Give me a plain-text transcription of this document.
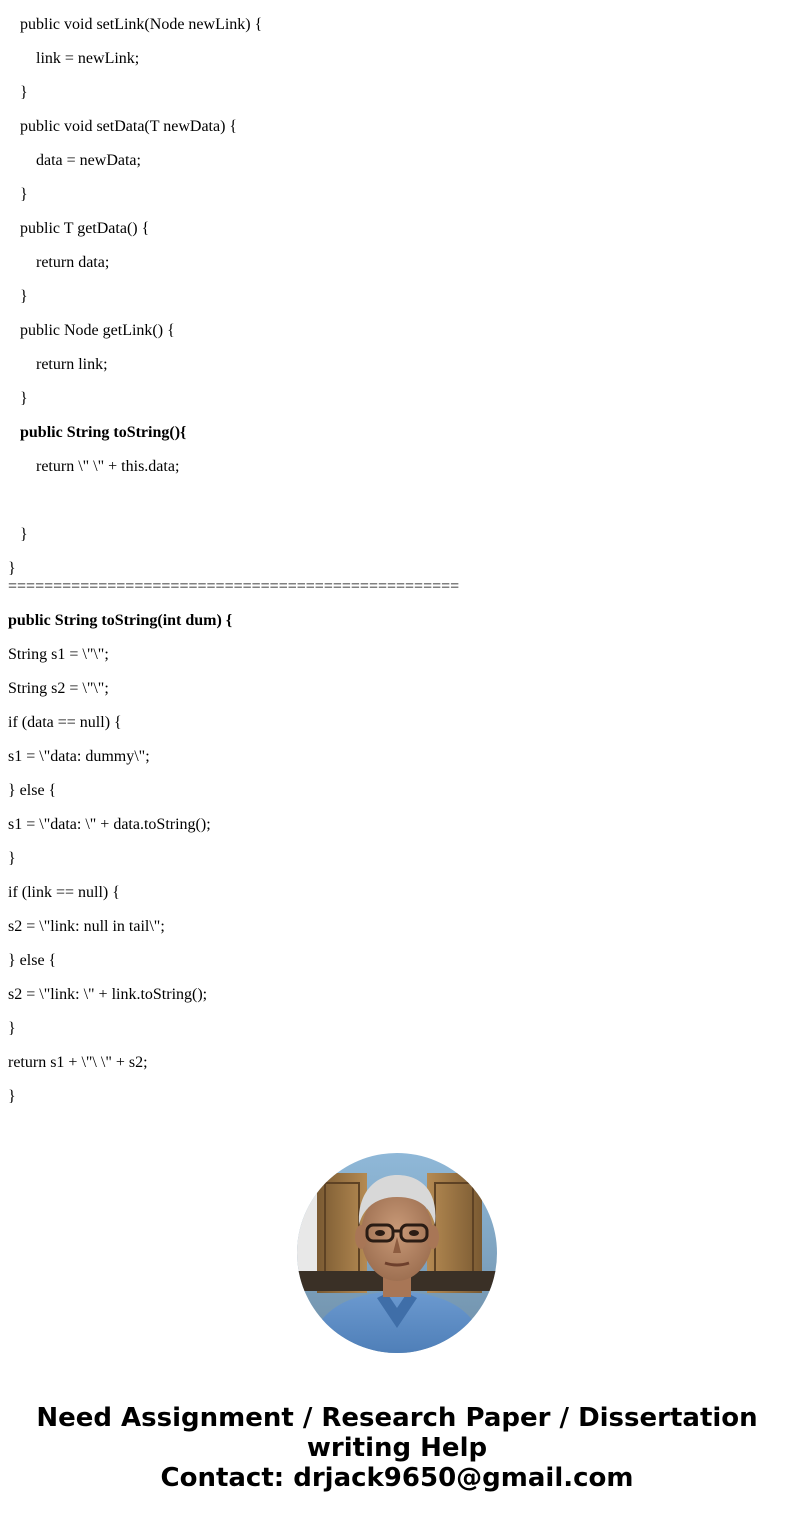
public void setLink(Node newLink) {
link = newLink;
}
public void setData(T newData) {
data = newData;
}
public T getData() {
return data;
}
public Node getLink() {
return link;
}
public String toString(){
return \" \" + this.data;
}
}
==================================================
public String toString(int dum) {
String s1 = \"\";
String s2 = \"\";
if (data == null) {
s1 = \"data: dummy\";
} else {
s1 = \"data: \" + data.toString();
}
if (link == null) {
s2 = \"link: null in tail\";
} else {
s2 = \"link: \" + link.toString();
}
return s1 + \"\ \" + s2;
}
Need Assignment / Research Paper / Dissertation
writing Help
Contact: drjack9650@gmail.com
